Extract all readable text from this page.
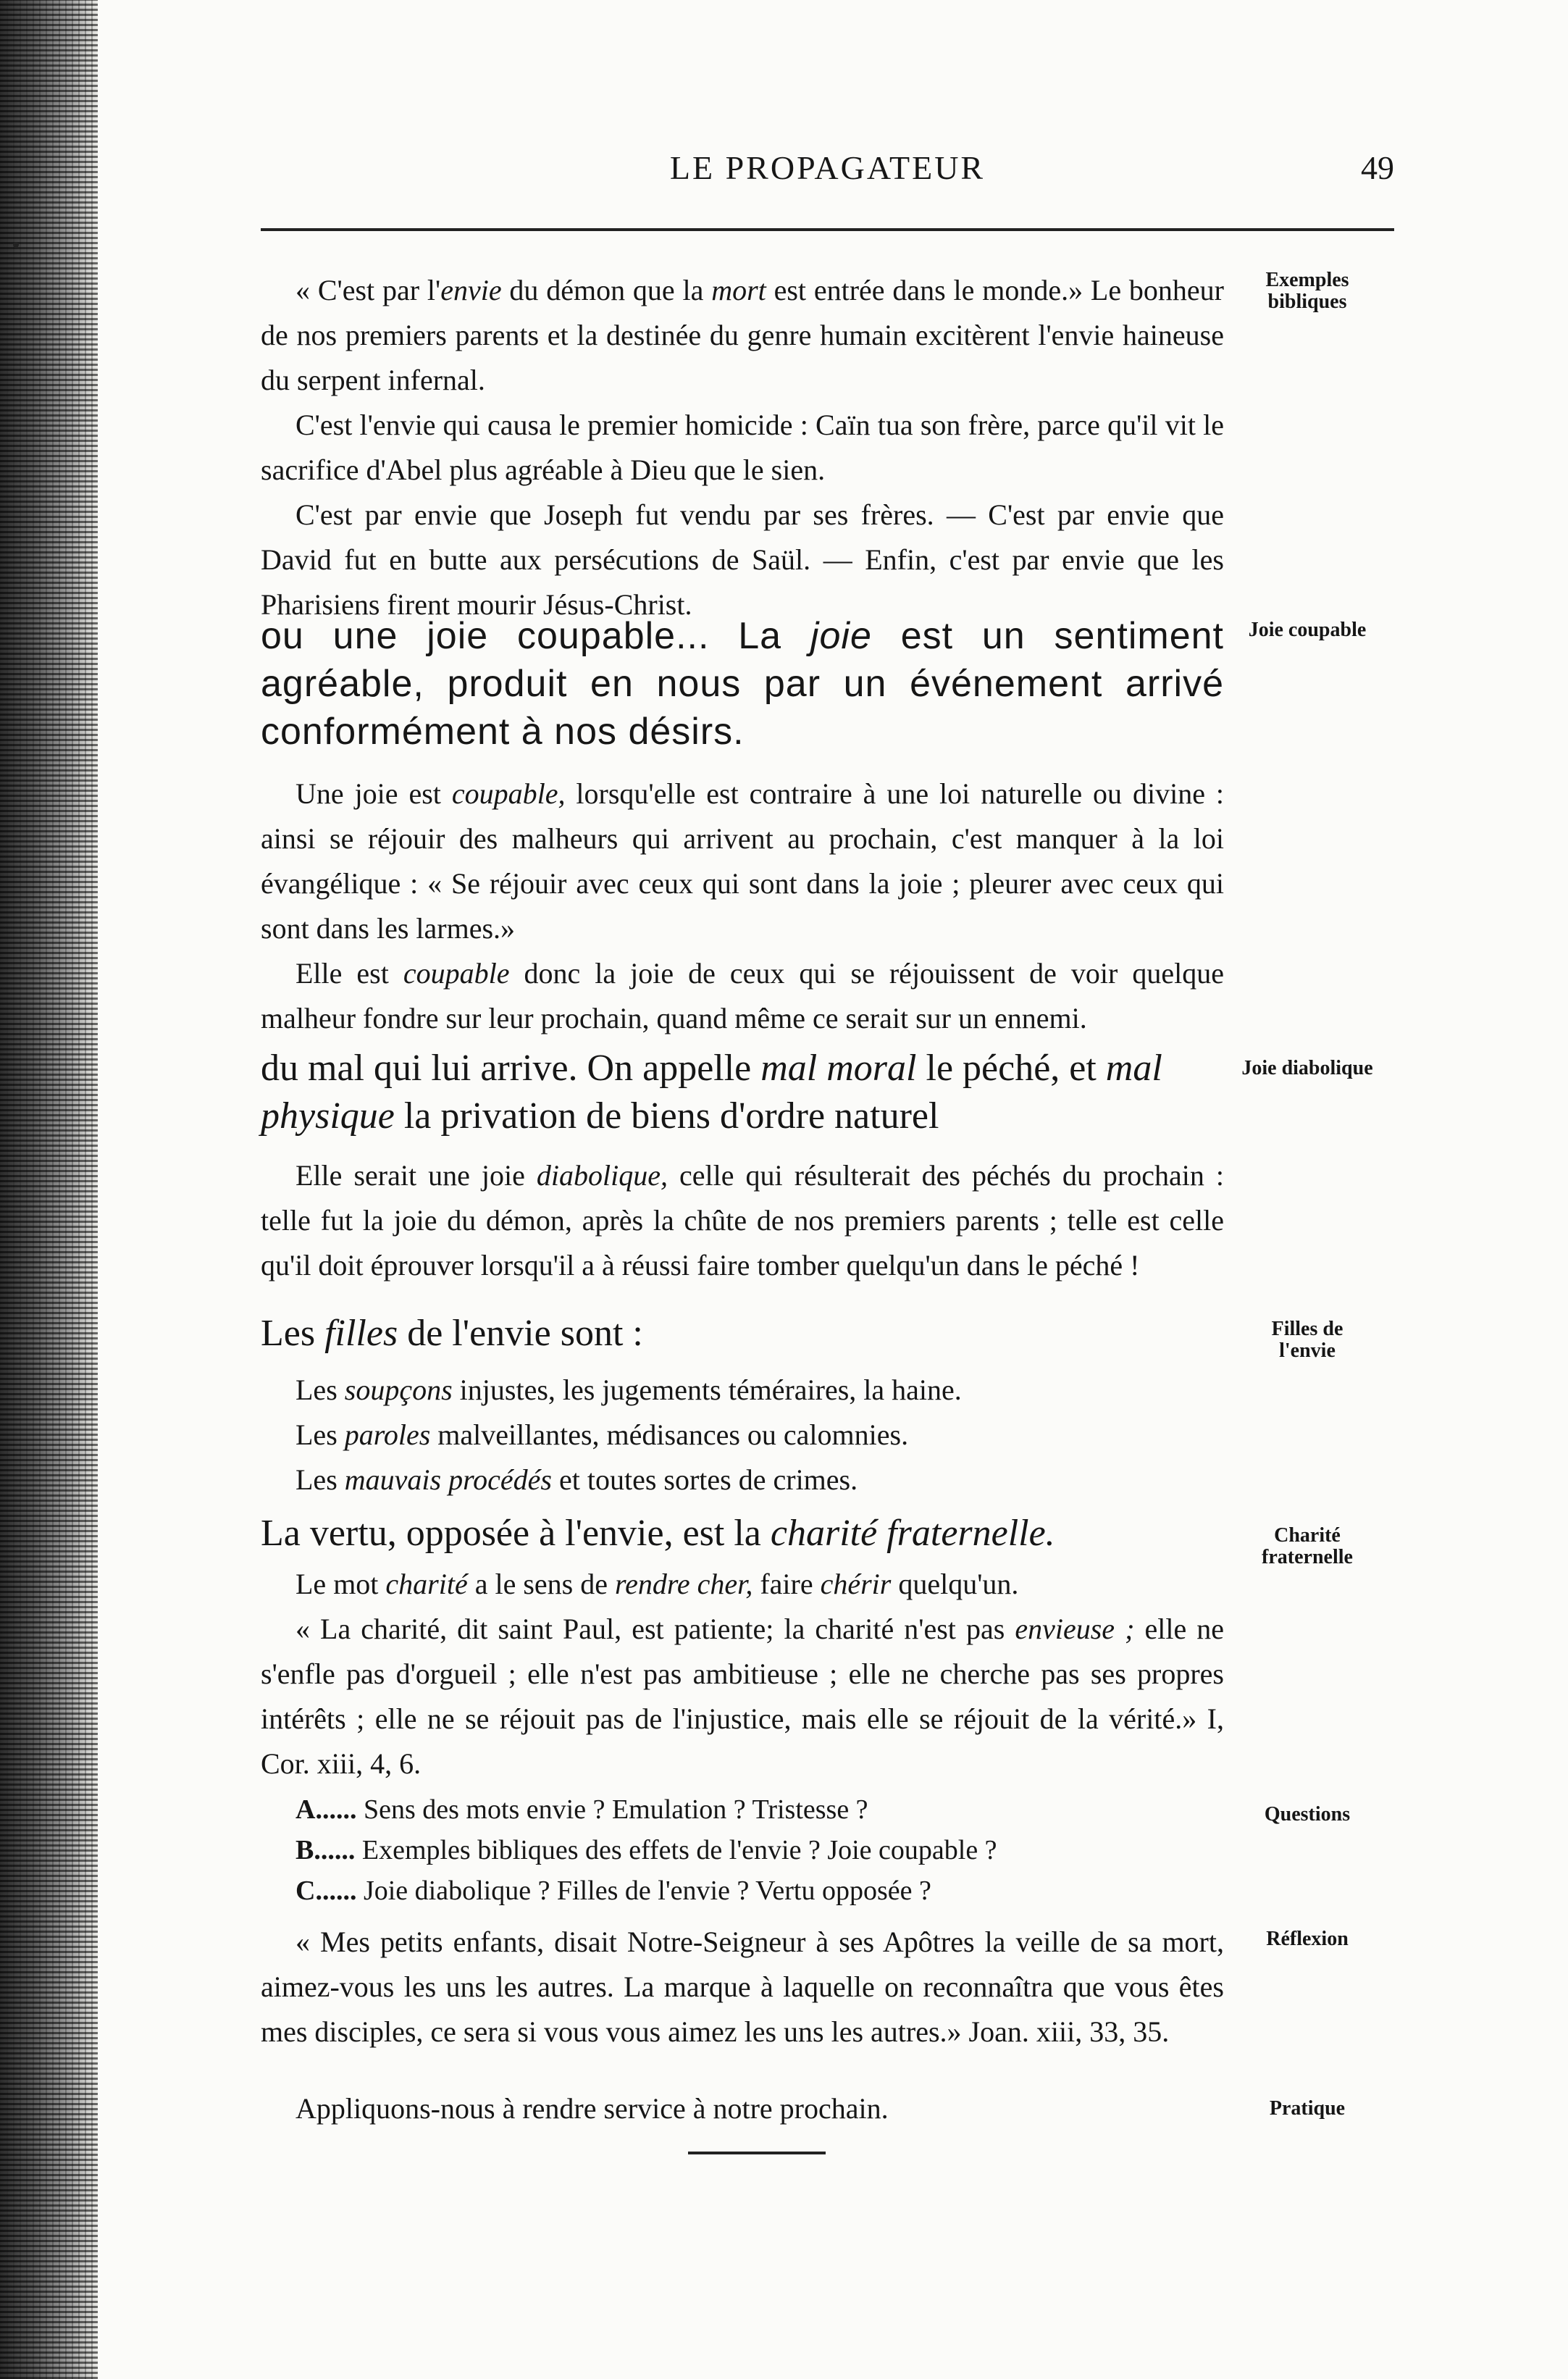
LE PROPAGATEUR	49
Exemples bibliques

« C'est par l'envie du démon que la mort est entrée dans le monde.» Le bonheur de nos premiers parents et la destinée du genre humain excitèrent l'envie haineuse du serpent infernal.

C'est l'envie qui causa le premier homicide : Caïn tua son frère, parce qu'il vit le sacrifice d'Abel plus agréable à Dieu que le sien.

C'est par envie que Joseph fut vendu par ses frères. — C'est par envie que David fut en butte aux persécutions de Saül. — Enfin, c'est par envie que les Pharisiens firent mourir Jésus-Christ.

Joie coupable

ou une joie coupable... La joie est un sentiment agréable, produit en nous par un événement arrivé conformément à nos désirs.

Une joie est coupable, lorsqu'elle est contraire à une loi naturelle ou divine : ainsi se réjouir des malheurs qui arrivent au prochain, c'est manquer à la loi évangélique : « Se réjouir avec ceux qui sont dans la joie ; pleurer avec ceux qui sont dans les larmes.»

Elle est coupable donc la joie de ceux qui se réjouissent de voir quelque malheur fondre sur leur prochain, quand même ce serait sur un ennemi.

Joie diabolique

du mal qui lui arrive. On appelle mal moral le péché, et mal physique la privation de biens d'ordre naturel

Elle serait une joie diabolique, celle qui résulterait des péchés du prochain : telle fut la joie du démon, après la chûte de nos premiers parents ; telle est celle qu'il doit éprouver lorsqu'il a à réussi faire tomber quelqu'un dans le péché !

Filles de l'envie

Les filles de l'envie sont :

Les soupçons injustes, les jugements téméraires, la haine.

Les paroles malveillantes, médisances ou calomnies.

Les mauvais procédés et toutes sortes de crimes.

Charité fraternelle

La vertu, opposée à l'envie, est la charité fraternelle.

Le mot charité a le sens de rendre cher, faire chérir quelqu'un.

« La charité, dit saint Paul, est patiente; la charité n'est pas envieuse ; elle ne s'enfle pas d'orgueil ; elle n'est pas ambitieuse ; elle ne cherche pas ses propres intérêts ; elle ne se réjouit pas de l'injustice, mais elle se réjouit de la vérité.» I, Cor. xiii, 4, 6.

Questions

A...... Sens des mots envie ? Emulation ? Tristesse ?

B...... Exemples bibliques des effets de l'envie ? Joie coupable ?

C...... Joie diabolique ? Filles de l'envie ? Vertu opposée ?

Réflexion

« Mes petits enfants, disait Notre-Seigneur à ses Apôtres la veille de sa mort, aimez-vous les uns les autres. La marque à laquelle on reconnaîtra que vous êtes mes disciples, ce sera si vous vous aimez les uns les autres.» Joan. xiii, 33, 35.

Pratique

Appliquons-nous à rendre service à notre prochain.
